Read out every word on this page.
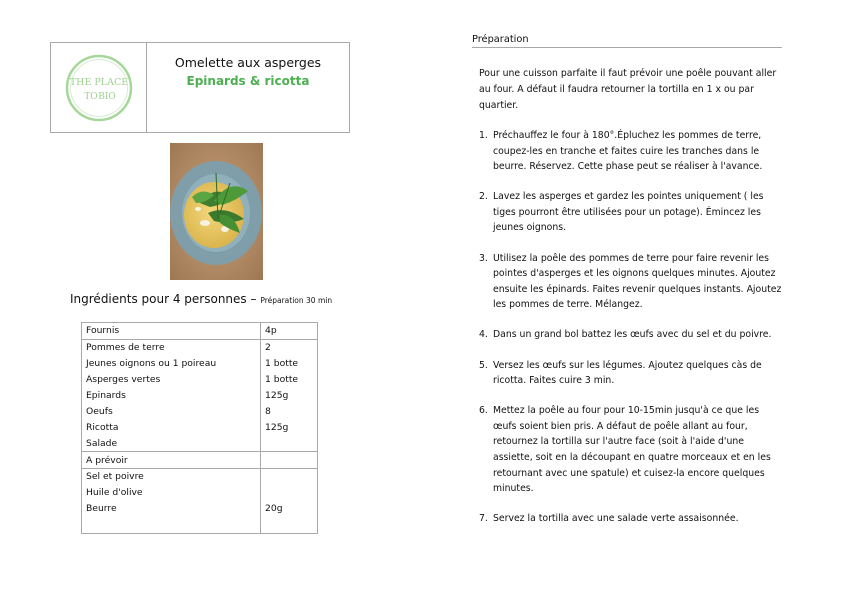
THE PLACE
TO BIO
Omelette aux asperges
Epinards & ricotta
Ingrédients pour 4 personnes – Préparation 30 min
Fournis	4p
Pommes de terre	2
Jeunes oignons ou 1 poireau	1 botte
Asperges vertes	1 botte
Epinards	125g
Oeufs	8
Ricotta	125g
Salade	
A prévoir	
Sel et poivre	
Huile d'olive	
Beurre	20g

Préparation
Pour une cuisson parfaite il faut prévoir une poêle pouvant aller au four. A défaut il faudra retourner la tortilla en 1 x ou par quartier.
1. Préchauffez le four à 180°.Épluchez les pommes de terre, coupez-les en tranche et faites cuire les tranches dans le beurre. Réservez. Cette phase peut se réaliser à l'avance.
2. Lavez les asperges et gardez les pointes uniquement ( les tiges pourront être utilisées pour un potage). Émincez les jeunes oignons.
3. Utilisez la poêle des pommes de terre pour faire revenir les pointes d'asperges et les oignons quelques minutes. Ajoutez ensuite les épinards. Faites revenir quelques instants. Ajoutez les pommes de terre. Mélangez.
4. Dans un grand bol battez les œufs avec du sel et du poivre.
5. Versez les œufs sur les légumes. Ajoutez quelques càs de ricotta. Faites cuire 3 min.
6. Mettez la poêle au four pour 10-15min jusqu'à ce que les œufs soient bien pris. A défaut de poêle allant au four, retournez la tortilla sur l'autre face (soit à l'aide d'une assiette, soit en la découpant en quatre morceaux et en les retournant avec une spatule) et cuisez-la encore quelques minutes.
7. Servez la tortilla avec une salade verte assaisonnée.
